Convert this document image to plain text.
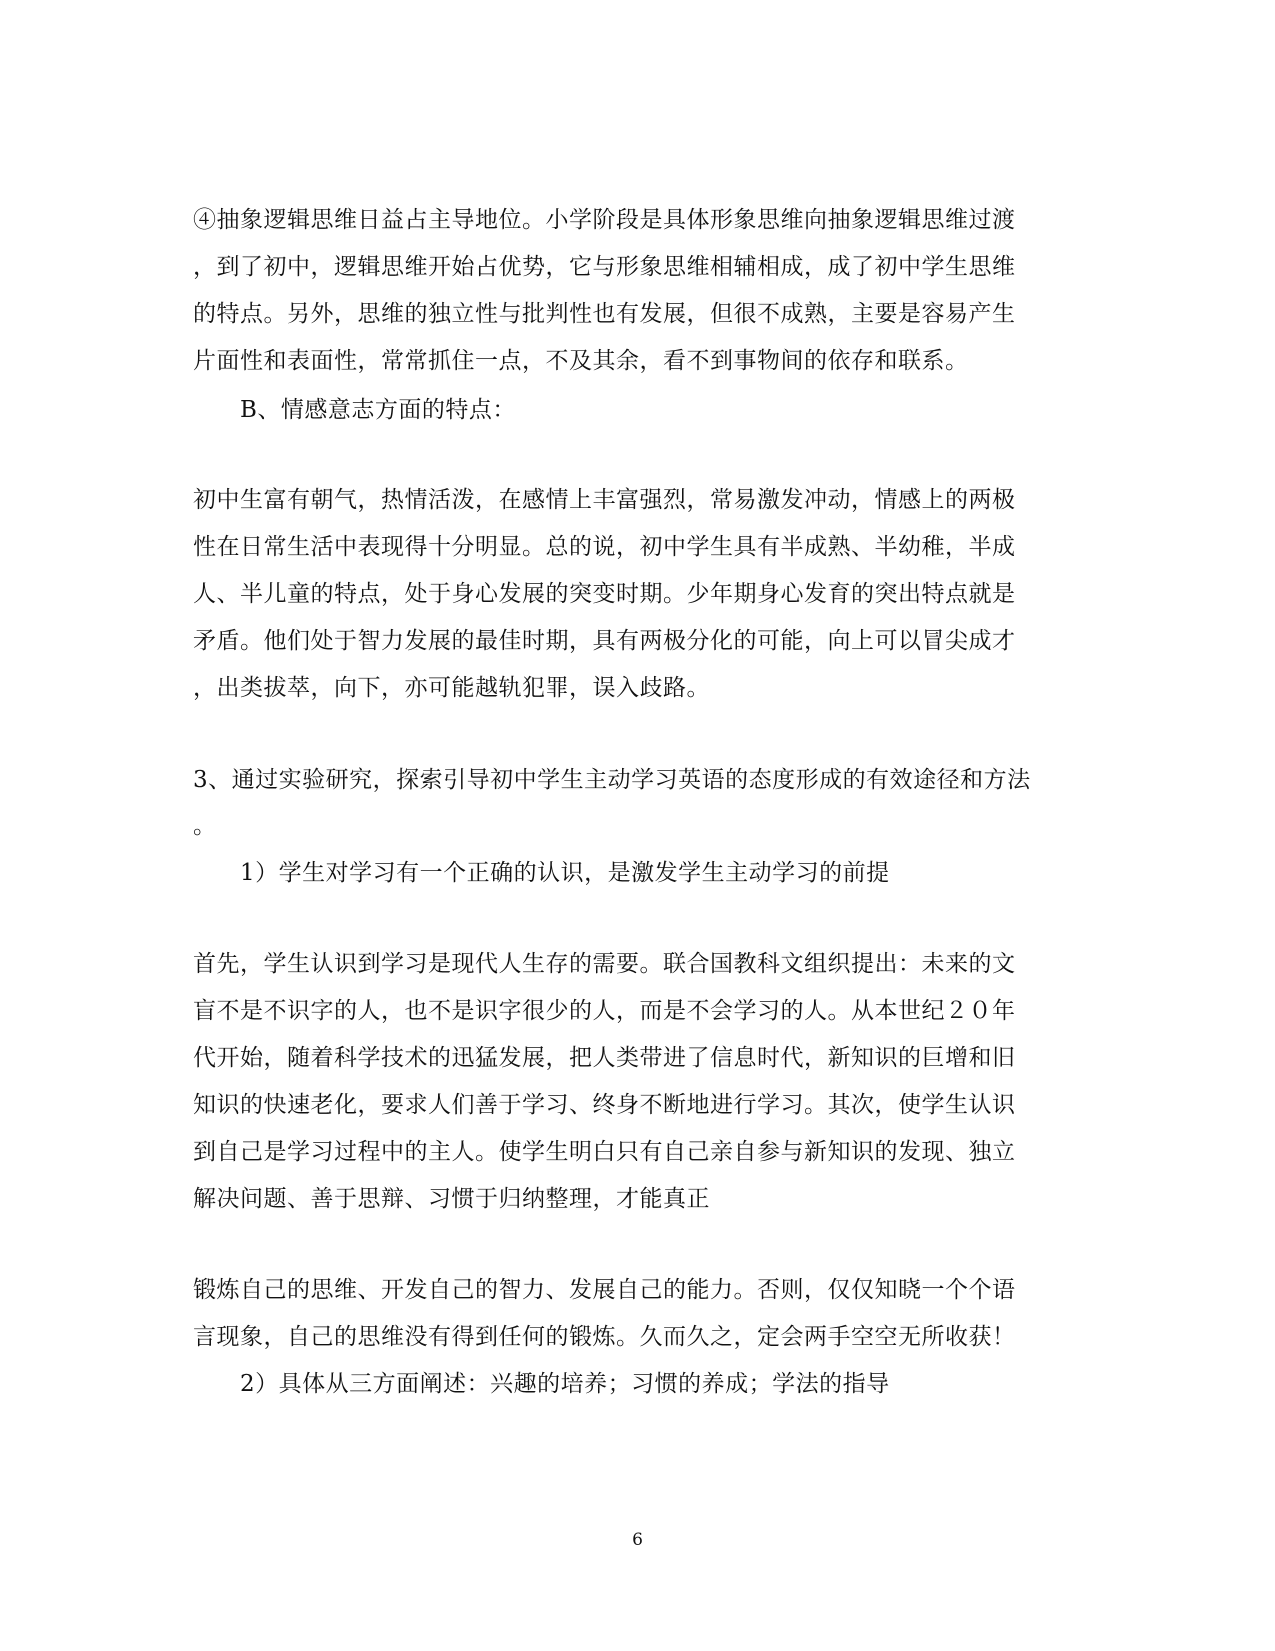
④抽象逻辑思维日益占主导地位。小学阶段是具体形象思维向抽象逻辑思维过渡
，到了初中，逻辑思维开始占优势，它与形象思维相辅相成，成了初中学生思维
的特点。另外，思维的独立性与批判性也有发展，但很不成熟，主要是容易产生
片面性和表面性，常常抓住一点，不及其余，看不到事物间的依存和联系。
B、情感意志方面的特点：
初中生富有朝气，热情活泼，在感情上丰富强烈，常易激发冲动，情感上的两极
性在日常生活中表现得十分明显。总的说，初中学生具有半成熟、半幼稚，半成
人、半儿童的特点，处于身心发展的突变时期。少年期身心发育的突出特点就是
矛盾。他们处于智力发展的最佳时期，具有两极分化的可能，向上可以冒尖成才
，出类拔萃，向下，亦可能越轨犯罪，误入歧路。
3、通过实验研究，探索引导初中学生主动学习英语的态度形成的有效途径和方法
。
1）学生对学习有一个正确的认识，是激发学生主动学习的前提
首先，学生认识到学习是现代人生存的需要。联合国教科文组织提出：未来的文
盲不是不识字的人，也不是识字很少的人，而是不会学习的人。从本世纪２０年
代开始，随着科学技术的迅猛发展，把人类带进了信息时代，新知识的巨增和旧
知识的快速老化，要求人们善于学习、终身不断地进行学习。其次，使学生认识
到自己是学习过程中的主人。使学生明白只有自己亲自参与新知识的发现、独立
解决问题、善于思辩、习惯于归纳整理，才能真正
锻炼自己的思维、开发自己的智力、发展自己的能力。否则，仅仅知晓一个个语
言现象，自己的思维没有得到任何的锻炼。久而久之，定会两手空空无所收获！
2）具体从三方面阐述：兴趣的培养；习惯的养成；学法的指导
6
